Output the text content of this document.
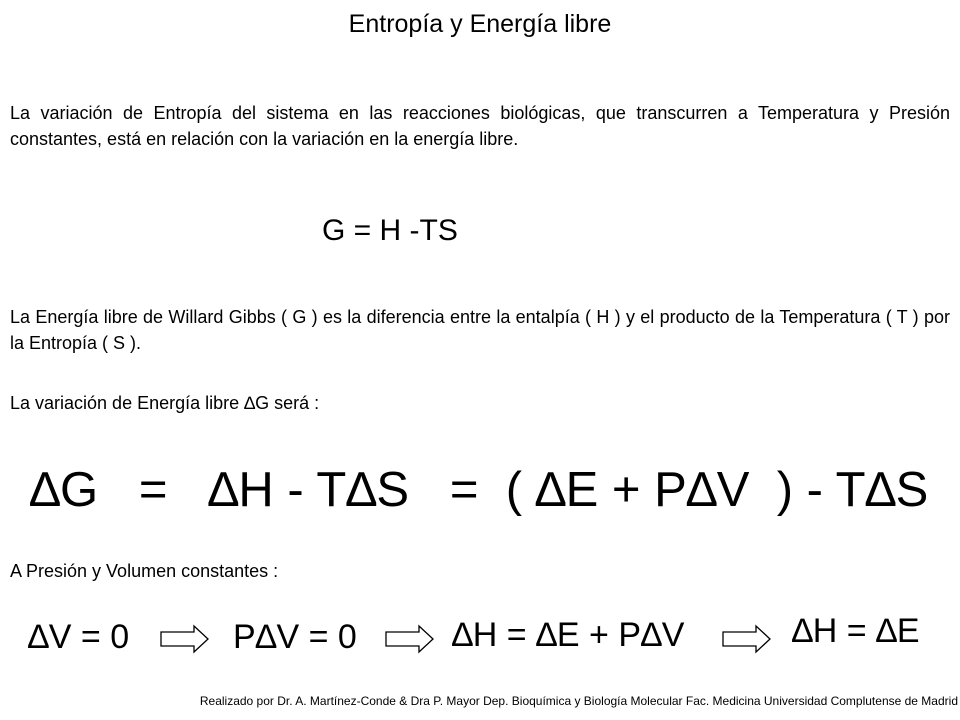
Entropía y Energía libre
La variación de Entropía del sistema en las reacciones biológicas, que transcurren a Temperatura y Presión constantes, está en relación con la variación en la energía libre.
G = H -TS
La Energía libre de Willard Gibbs ( G ) es la diferencia entre la entalpía ( H ) y el producto de la Temperatura ( T ) por la Entropía ( S ).
La variación de Energía libre ∆G será :
∆G   =   ∆H - T∆S   =  ( ∆E + P∆V  ) - T∆S
A Presión y Volumen constantes :
∆V = 0	P∆V = 0	∆H = ∆E + P∆V	∆H = ∆E
Realizado por Dr. A. Martínez-Conde & Dra P. Mayor Dep. Bioquímica y Biología Molecular Fac. Medicina Universidad Complutense de Madrid
